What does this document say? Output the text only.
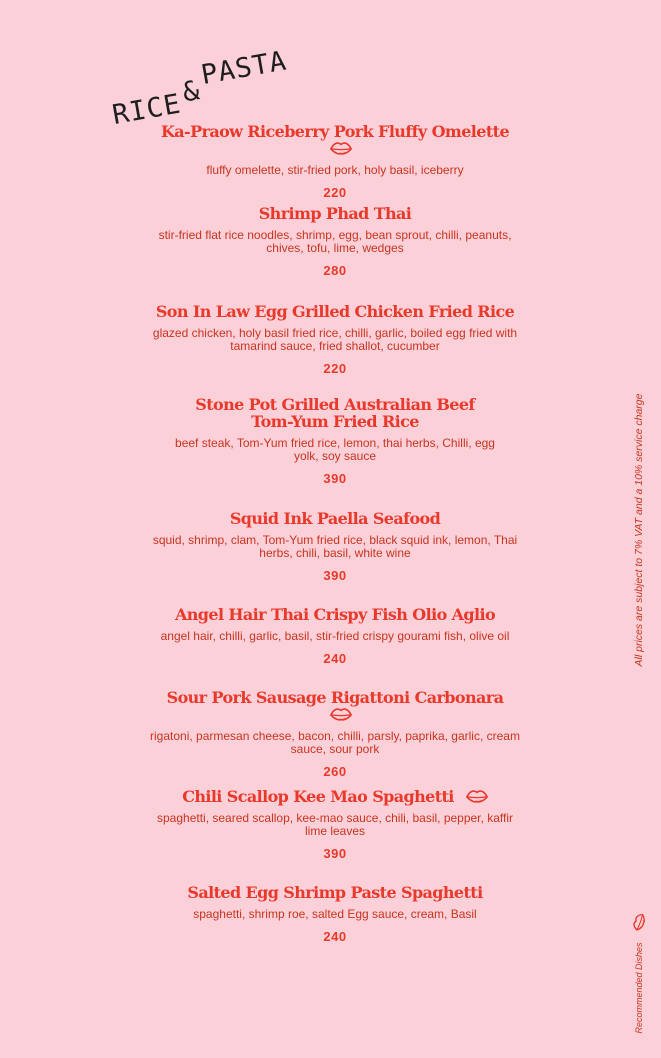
RICE&PASTA
Ka-Praow Riceberry Pork Fluffy Omelette
fluffy omelette, stir-fried pork, holy basil, iceberry
220
Shrimp Phad Thai
stir-fried flat rice noodles, shrimp, egg, bean sprout, chilli, peanuts, chives, tofu, lime, wedges
280
Son In Law Egg Grilled Chicken Fried Rice
glazed chicken, holy basil fried rice, chilli, garlic, boiled egg fried with tamarind sauce, fried shallot, cucumber
220
Stone Pot Grilled Australian Beef Tom-Yum Fried Rice
beef steak, Tom-Yum fried rice, lemon, thai herbs, Chilli, egg yolk, soy sauce
390
Squid Ink Paella Seafood
squid, shrimp, clam, Tom-Yum fried rice, black squid ink, lemon, Thai herbs, chili, basil, white wine
390
Angel Hair Thai Crispy Fish Olio Aglio
angel hair, chilli, garlic, basil, stir-fried crispy gourami fish, olive oil
240
Sour Pork Sausage Rigattoni Carbonara
rigatoni, parmesan cheese, bacon, chilli, parsly, paprika, garlic, cream sauce, sour pork
260
Chili Scallop Kee Mao Spaghetti
spaghetti, seared scallop, kee-mao sauce, chili, basil, pepper, kaffir lime leaves
390
Salted Egg Shrimp Paste Spaghetti
spaghetti, shrimp roe, salted Egg sauce, cream, Basil
240
All prices are subject to 7% VAT and a 10% service charge
Recommended Dishes
